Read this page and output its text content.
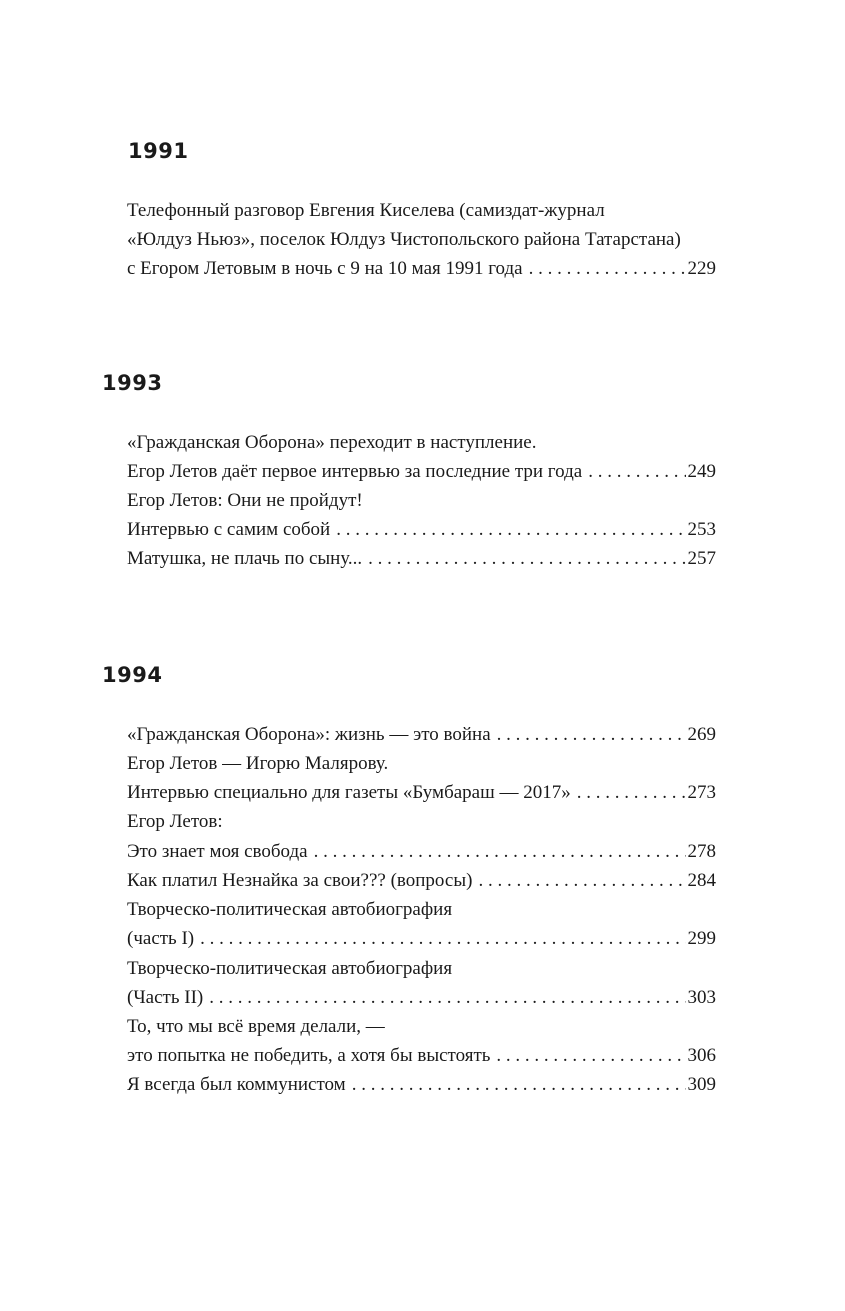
1991
Телефонный разговор Евгения Киселева (самиздат-журнал
«Юлдуз Ньюз», поселок Юлдуз Чистопольского района Татарстана)
с Егором Летовым в ночь с 9 на 10 мая 1991 года . . .	229
1993
«Гражданская Оборона» переходит в наступление.
Егор Летов даёт первое интервью за последние три года . . .	249
Егор Летов: Они не пройдут!
Интервью с самим собой . . .	253
Матушка, не плачь по сыну... . . .	257
1994
«Гражданская Оборона»: жизнь — это война . . .	269
Егор Летов — Игорю Малярову.
Интервью специально для газеты «Бумбараш — 2017» . . .	273
Егор Летов:
Это знает моя свобода . . .	278
Как платил Незнайка за свои??? (вопросы) . . .	284
Творческо-политическая автобиография
(часть I) . . .	299
Творческо-политическая автобиография
(Часть II) . . .	303
То, что мы всё время делали, —
это попытка не победить, а хотя бы выстоять . . .	306
Я всегда был коммунистом . . .	309
